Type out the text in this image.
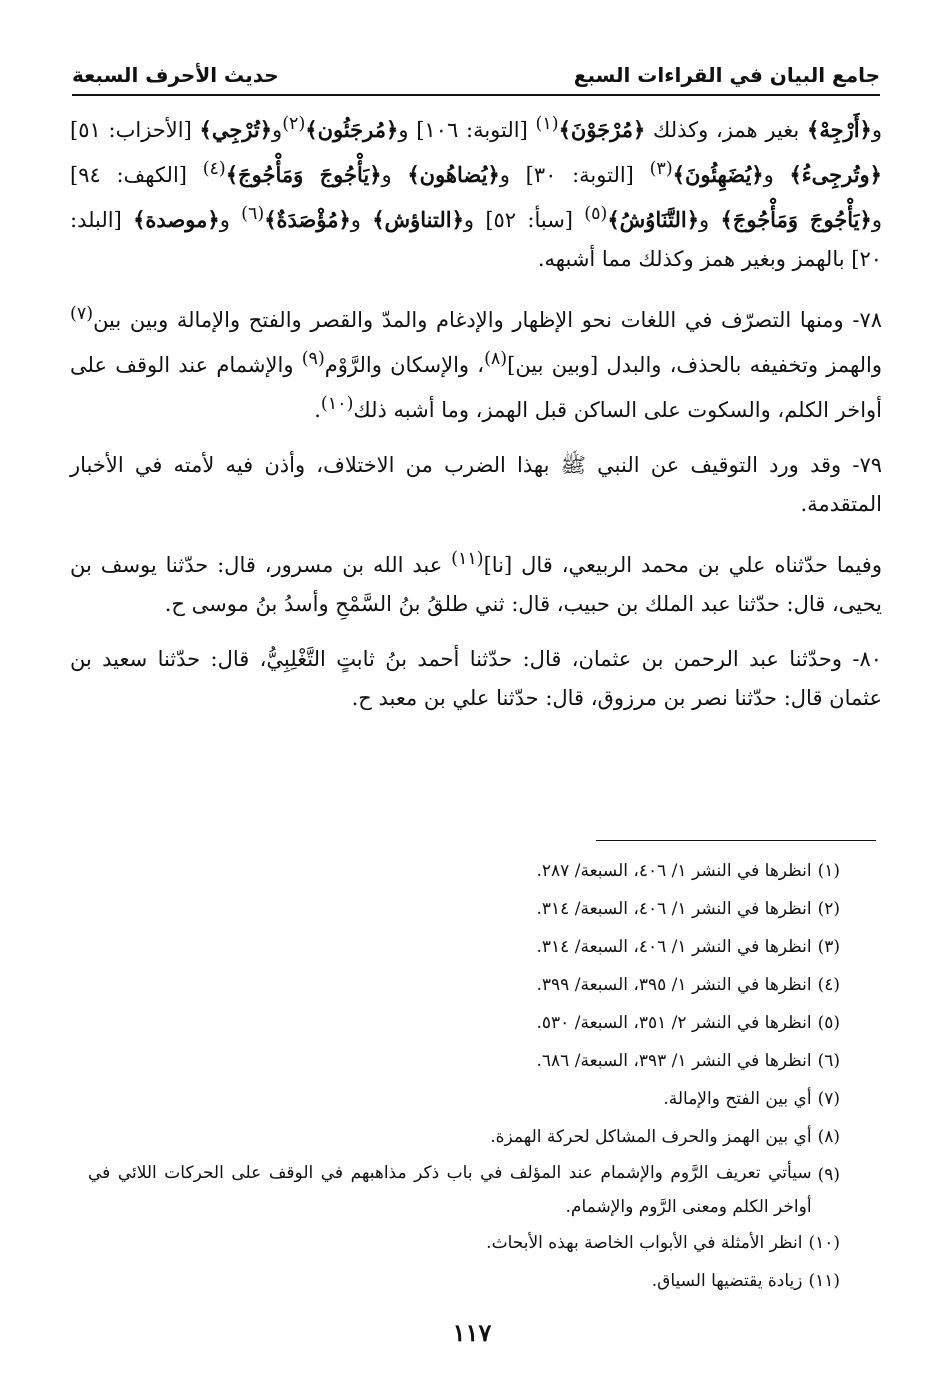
جامع البيان في القراءات السبع
حديث الأحرف السبعة

و﴿أَرْجِهْ﴾ بغير همز، وكذلك ﴿مُرْجَوْنَ﴾$^{(١)}$ [التوبة: ١٠٦] و﴿مُرجَئُون﴾$^{(٢)}$و﴿تُرْجِي﴾ [الأحزاب: ٥١] ﴿وتُرجِىءُ﴾ و﴿يُضَهِئُونَ﴾$^{(٣)}$ [التوبة: ٣٠] و﴿يُضاهُون﴾ و﴿يَأْجُوجَ وَمَأْجُوجَ﴾$^{(٤)}$ [الكهف: ٩٤] و﴿يَأْجُوجَ وَمَأْجُوجَ﴾ و﴿التَّنَاوُشُ﴾$^{(٥)}$ [سبأ: ٥٢] و﴿التناؤش﴾ و﴿مُؤْصَدَةٌ﴾$^{(٦)}$ و﴿موصدة﴾ [البلد: ٢٠] بالهمز وبغير همز وكذلك مما أشبهه.

٧٨- ومنها التصرّف في اللغات نحو الإظهار والإدغام والمدّ والقصر والفتح والإمالة وبين بين$^{(٧)}$ والهمز وتخفيفه بالحذف، والبدل [وبين بين]$^{(٨)}$، والإسكان والرَّوْم$^{(٩)}$ والإشمام عند الوقف على أواخر الكلم، والسكوت على الساكن قبل الهمز، وما أشبه ذلك$^{(١٠)}$.

٧٩- وقد ورد التوقيف عن النبي ﷺ بهذا الضرب من الاختلاف، وأذن فيه لأمته في الأخبار المتقدمة.

وفيما حدّثناه علي بن محمد الربيعي، قال [نا]$^{(١١)}$ عبد الله بن مسرور، قال: حدّثنا يوسف بن يحيى، قال: حدّثنا عبد الملك بن حبيب، قال: ثني طلقُ بنُ السَّمْحِ وأسدُ بنُ موسى ح.

٨٠- وحدّثنا عبد الرحمن بن عثمان، قال: حدّثنا أحمد بنُ ثابتٍ التَّغْلِبِيُّ، قال: حدّثنا سعيد بن عثمان قال: حدّثنا نصر بن مرزوق، قال: حدّثنا علي بن معبد ح.

(١)
انظرها في النشر ١/ ٤٠٦، السبعة/ ٢٨٧.
(٢)
انظرها في النشر ١/ ٤٠٦، السبعة/ ٣١٤.
(٣)
انظرها في النشر ١/ ٤٠٦، السبعة/ ٣١٤.
(٤)
انظرها في النشر ١/ ٣٩٥، السبعة/ ٣٩٩.
(٥)
انظرها في النشر ٢/ ٣٥١، السبعة/ ٥٣٠.
(٦)
انظرها في النشر ١/ ٣٩٣، السبعة/ ٦٨٦.
(٧)
أي بين الفتح والإمالة.
(٨)
أي بين الهمز والحرف المشاكل لحركة الهمزة.
(٩)
سيأتي تعريف الرَّوم والإشمام عند المؤلف في باب ذكر مذاهبهم في الوقف على الحركات اللائي في أواخر الكلم ومعنى الرَّوم والإشمام.
(١٠)
انظر الأمثلة في الأبواب الخاصة بهذه الأبحاث.
(١١)
زيادة يقتضيها السياق.
١١٧
